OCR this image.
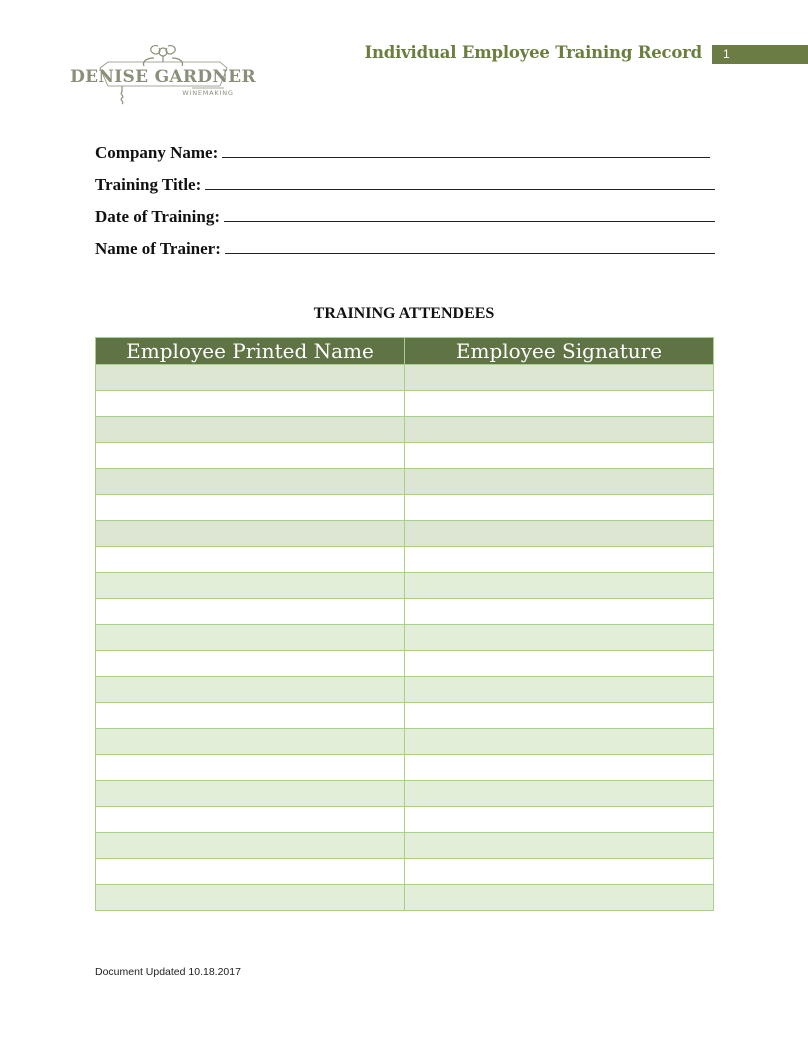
DENISE GARDNER
WINEMAKING
Individual Employee Training Record	1
Company Name:
Training Title:
Date of Training:
Name of Trainer:
TRAINING ATTENDEES
Employee Printed Name	Employee Signature

Document Updated 10.18.2017
